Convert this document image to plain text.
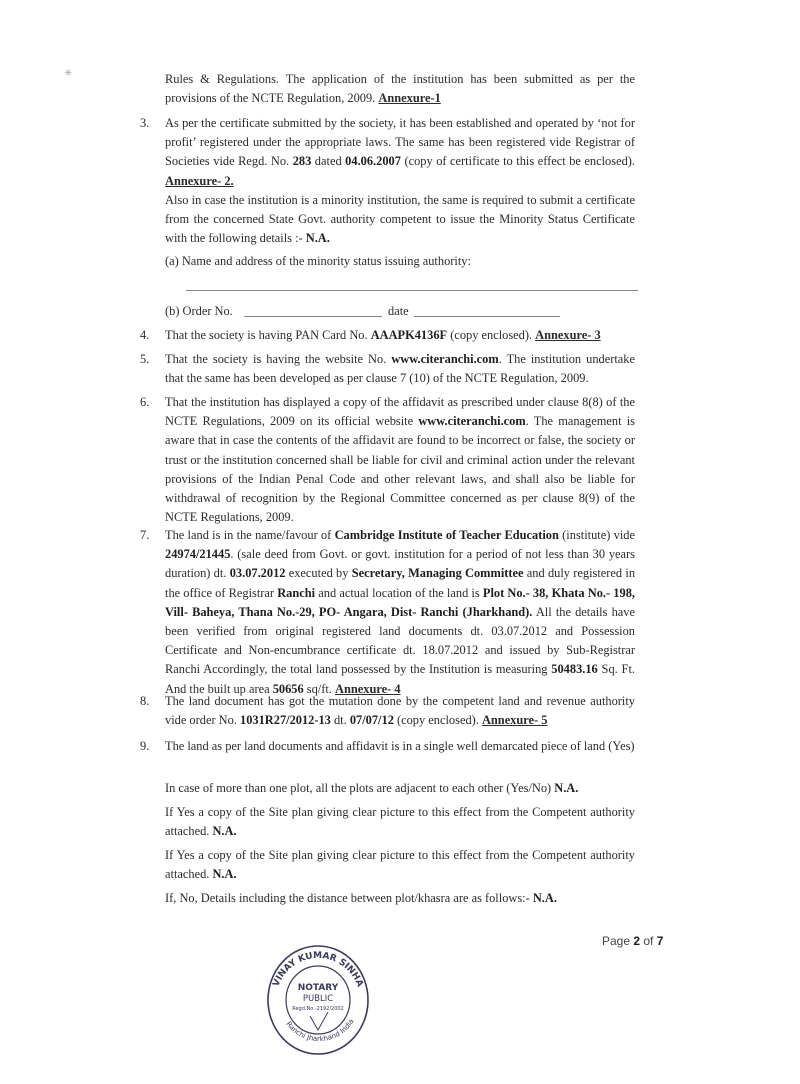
✳	Rules & Regulations. The application of the institution has been submitted as per the provisions of the NCTE Regulation, 2009. Annexure-1

3. As per the certificate submitted by the society, it has been established and operated by ‘not for profit’ registered under the appropriate laws. The same has been registered vide Registrar of Societies vide Regd. No. 283 dated 04.06.2007 (copy of certificate to this effect be enclosed). Annexure- 2.

Also in case the institution is a minority institution, the same is required to submit a certificate from the concerned State Govt. authority competent to issue the Minority Status Certificate with the following details :- N.A.

(a) Name and address of the minority status issuing authority:

(b) Order No.	date

4. That the society is having PAN Card No. AAAPK4136F (copy enclosed). Annexure- 3

5. That the society is having the website No. www.citeranchi.com. The institution undertake that the same has been developed as per clause 7 (10) of the NCTE Regulation, 2009.

6. That the institution has displayed a copy of the affidavit as prescribed under clause 8(8) of the NCTE Regulations, 2009 on its official website www.citeranchi.com. The management is aware that in case the contents of the affidavit are found to be incorrect or false, the society or trust or the institution concerned shall be liable for civil and criminal action under the relevant provisions of the Indian Penal Code and other relevant laws, and shall also be liable for withdrawal of recognition by the Regional Committee concerned as per clause 8(9) of the NCTE Regulations, 2009.

7. The land is in the name/favour of Cambridge Institute of Teacher Education (institute) vide 24974/21445. (sale deed from Govt. or govt. institution for a period of not less than 30 years duration) dt. 03.07.2012 executed by Secretary, Managing Committee and duly registered in the office of Registrar Ranchi and actual location of the land is Plot No.- 38, Khata No.- 198, Vill- Baheya, Thana No.-29, PO- Angara, Dist- Ranchi (Jharkhand). All the details have been verified from original registered land documents dt. 03.07.2012 and Possession Certificate and Non-encumbrance certificate dt. 18.07.2012 and issued by Sub-Registrar Ranchi Accordingly, the total land possessed by the Institution is measuring 50483.16 Sq. Ft. And the built up area 50656 sq/ft. Annexure- 4

8. The land document has got the mutation done by the competent land and revenue authority vide order No. 1031R27/2012-13 dt. 07/07/12 (copy enclosed). Annexure- 5

9. The land as per land documents and affidavit is in a single well demarcated piece of land (Yes)

In case of more than one plot, all the plots are adjacent to each other (Yes/No) N.A.

If Yes a copy of the Site plan giving clear picture to this effect from the Competent authority attached. N.A.

If Yes a copy of the Site plan giving clear picture to this effect from the Competent authority attached. N.A.

If, No, Details including the distance between plot/khasra are as follows:- N.A.

Page 2 of 7
VINAY KUMAR SINHA
Ranchi Jharkhand India
NOTARY
PUBLIC
Regd.No.-2192/2002
